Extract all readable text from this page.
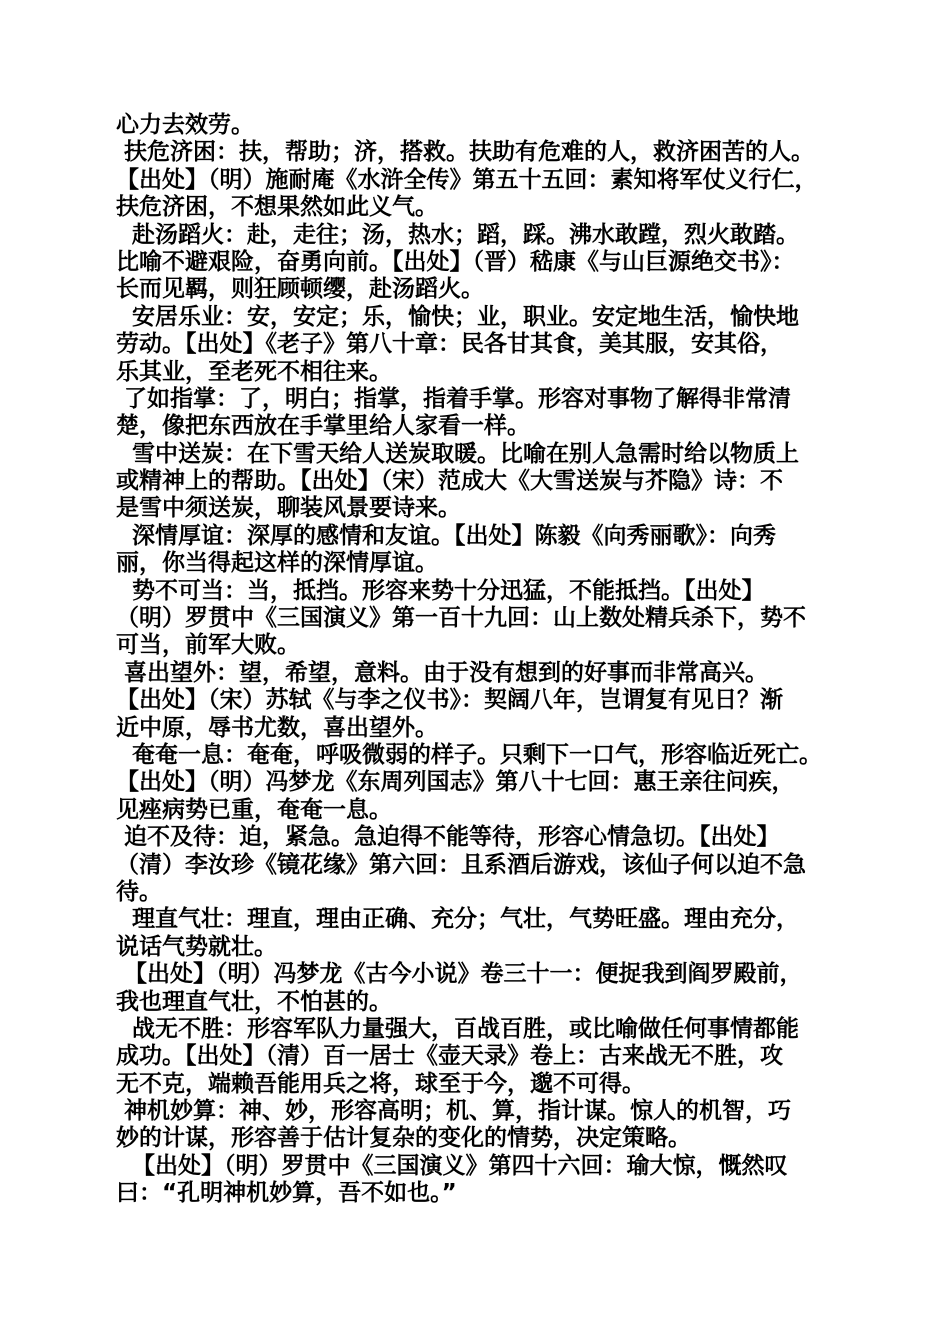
心力去效劳。
扶危济困：扶，帮助；济，搭救。扶助有危难的人，救济困苦的人。
【出处】（明）施耐庵《水浒全传》第五十五回：素知将军仗义行仁，
扶危济困，不想果然如此义气。
赴汤蹈火：赴，走往；汤，热水；蹈，踩。沸水敢蹚，烈火敢踏。
比喻不避艰险，奋勇向前。【出处】（晋）嵇康《与山巨源绝交书》：
长而见羁，则狂顾顿缨，赴汤蹈火。
安居乐业：安，安定；乐，愉快；业，职业。安定地生活，愉快地
劳动。【出处】《老子》第八十章：民各甘其食，美其服，安其俗，
乐其业，至老死不相往来。
了如指掌：了，明白；指掌，指着手掌。形容对事物了解得非常清
楚，像把东西放在手掌里给人家看一样。
雪中送炭：在下雪天给人送炭取暖。比喻在别人急需时给以物质上
或精神上的帮助。【出处】（宋）范成大《大雪送炭与芥隐》诗：不
是雪中须送炭，聊装风景要诗来。
深情厚谊：深厚的感情和友谊。【出处】陈毅《向秀丽歌》：向秀
丽，你当得起这样的深情厚谊。
势不可当：当，抵挡。形容来势十分迅猛，不能抵挡。【出处】
（明）罗贯中《三国演义》第一百十九回：山上数处精兵杀下，势不
可当，前军大败。
喜出望外：望，希望，意料。由于没有想到的好事而非常高兴。
【出处】（宋）苏轼《与李之仪书》：契阔八年，岂谓复有见日？渐
近中原，辱书尤数，喜出望外。
奄奄一息：奄奄，呼吸微弱的样子。只剩下一口气，形容临近死亡。
【出处】（明）冯梦龙《东周列国志》第八十七回：惠王亲往问疾，
见痤病势已重，奄奄一息。
迫不及待：迫，紧急。急迫得不能等待，形容心情急切。【出处】
（清）李汝珍《镜花缘》第六回：且系酒后游戏，该仙子何以迫不急
待。
理直气壮：理直，理由正确、充分；气壮，气势旺盛。理由充分，
说话气势就壮。
【出处】（明）冯梦龙《古今小说》卷三十一：便捉我到阎罗殿前，
我也理直气壮，不怕甚的。
战无不胜：形容军队力量强大，百战百胜，或比喻做任何事情都能
成功。【出处】（清）百一居士《壶天录》卷上：古来战无不胜，攻
无不克，端赖吾能用兵之将，球至于今，邈不可得。
神机妙算：神、妙，形容高明；机、算，指计谋。惊人的机智，巧
妙的计谋，形容善于估计复杂的变化的情势，决定策略。
【出处】（明）罗贯中《三国演义》第四十六回：瑜大惊，慨然叹
曰：“孔明神机妙算，吾不如也。”
